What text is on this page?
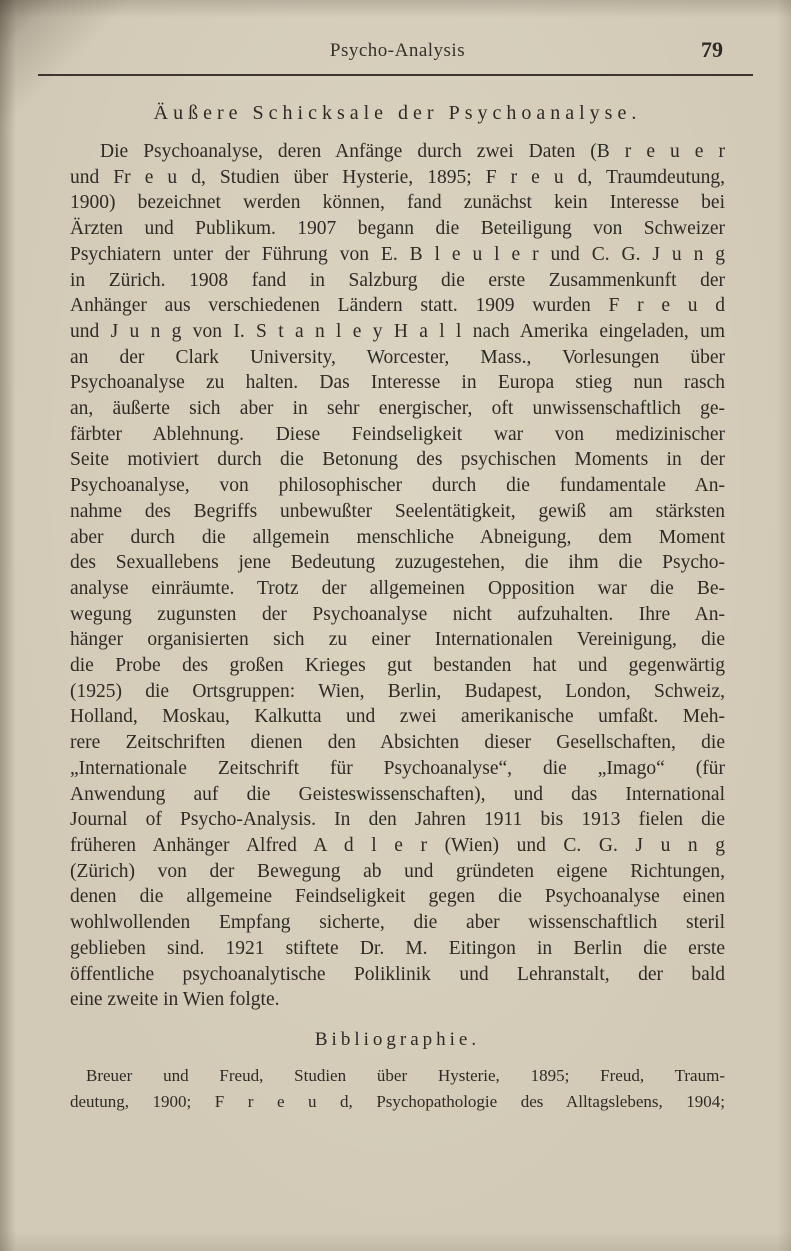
Psycho-Analysis	79
Äußere Schicksale der Psychoanalyse.
Die Psychoanalyse, deren Anfänge durch zwei Daten (B r e u e r
und Fr e u d, Studien über Hysterie, 1895; F r e u d, Traumdeutung,
1900) bezeichnet werden können, fand zunächst kein Interesse bei
Ärzten und Publikum. 1907 begann die Beteiligung von Schweizer
Psychiatern unter der Führung von E. B l e u l e r und C. G. J u n g
in Zürich. 1908 fand in Salzburg die erste Zusammenkunft der
Anhänger aus verschiedenen Ländern statt. 1909 wurden F r e u d
und J u n g von I. S t a n l e y H a l l nach Amerika eingeladen, um
an der Clark University, Worcester, Mass., Vorlesungen über
Psychoanalyse zu halten. Das Interesse in Europa stieg nun rasch
an, äußerte sich aber in sehr energischer, oft unwissenschaftlich ge-
färbter Ablehnung. Diese Feindseligkeit war von medizinischer
Seite motiviert durch die Betonung des psychischen Moments in der
Psychoanalyse, von philosophischer durch die fundamentale An-
nahme des Begriffs unbewußter Seelentätigkeit, gewiß am stärksten
aber durch die allgemein menschliche Abneigung, dem Moment
des Sexuallebens jene Bedeutung zuzugestehen, die ihm die Psycho-
analyse einräumte. Trotz der allgemeinen Opposition war die Be-
wegung zugunsten der Psychoanalyse nicht aufzuhalten. Ihre An-
hänger organisierten sich zu einer Internationalen Vereinigung, die
die Probe des großen Krieges gut bestanden hat und gegenwärtig
(1925) die Ortsgruppen: Wien, Berlin, Budapest, London, Schweiz,
Holland, Moskau, Kalkutta und zwei amerikanische umfaßt. Meh-
rere Zeitschriften dienen den Absichten dieser Gesellschaften, die
„Internationale Zeitschrift für Psychoanalyse“, die „Imago“ (für
Anwendung auf die Geisteswissenschaften), und das International
Journal of Psycho-Analysis. In den Jahren 1911 bis 1913 fielen die
früheren Anhänger Alfred A d l e r (Wien) und C. G. J u n g
(Zürich) von der Bewegung ab und gründeten eigene Richtungen,
denen die allgemeine Feindseligkeit gegen die Psychoanalyse einen
wohlwollenden Empfang sicherte, die aber wissenschaftlich steril
geblieben sind. 1921 stiftete Dr. M. Eitingon in Berlin die erste
öffentliche psychoanalytische Poliklinik und Lehranstalt, der bald
eine zweite in Wien folgte.
Bibliographie.
Breuer und Freud, Studien über Hysterie, 1895; Freud, Traum-
deutung, 1900; F r e u d, Psychopathologie des Alltagslebens, 1904;
